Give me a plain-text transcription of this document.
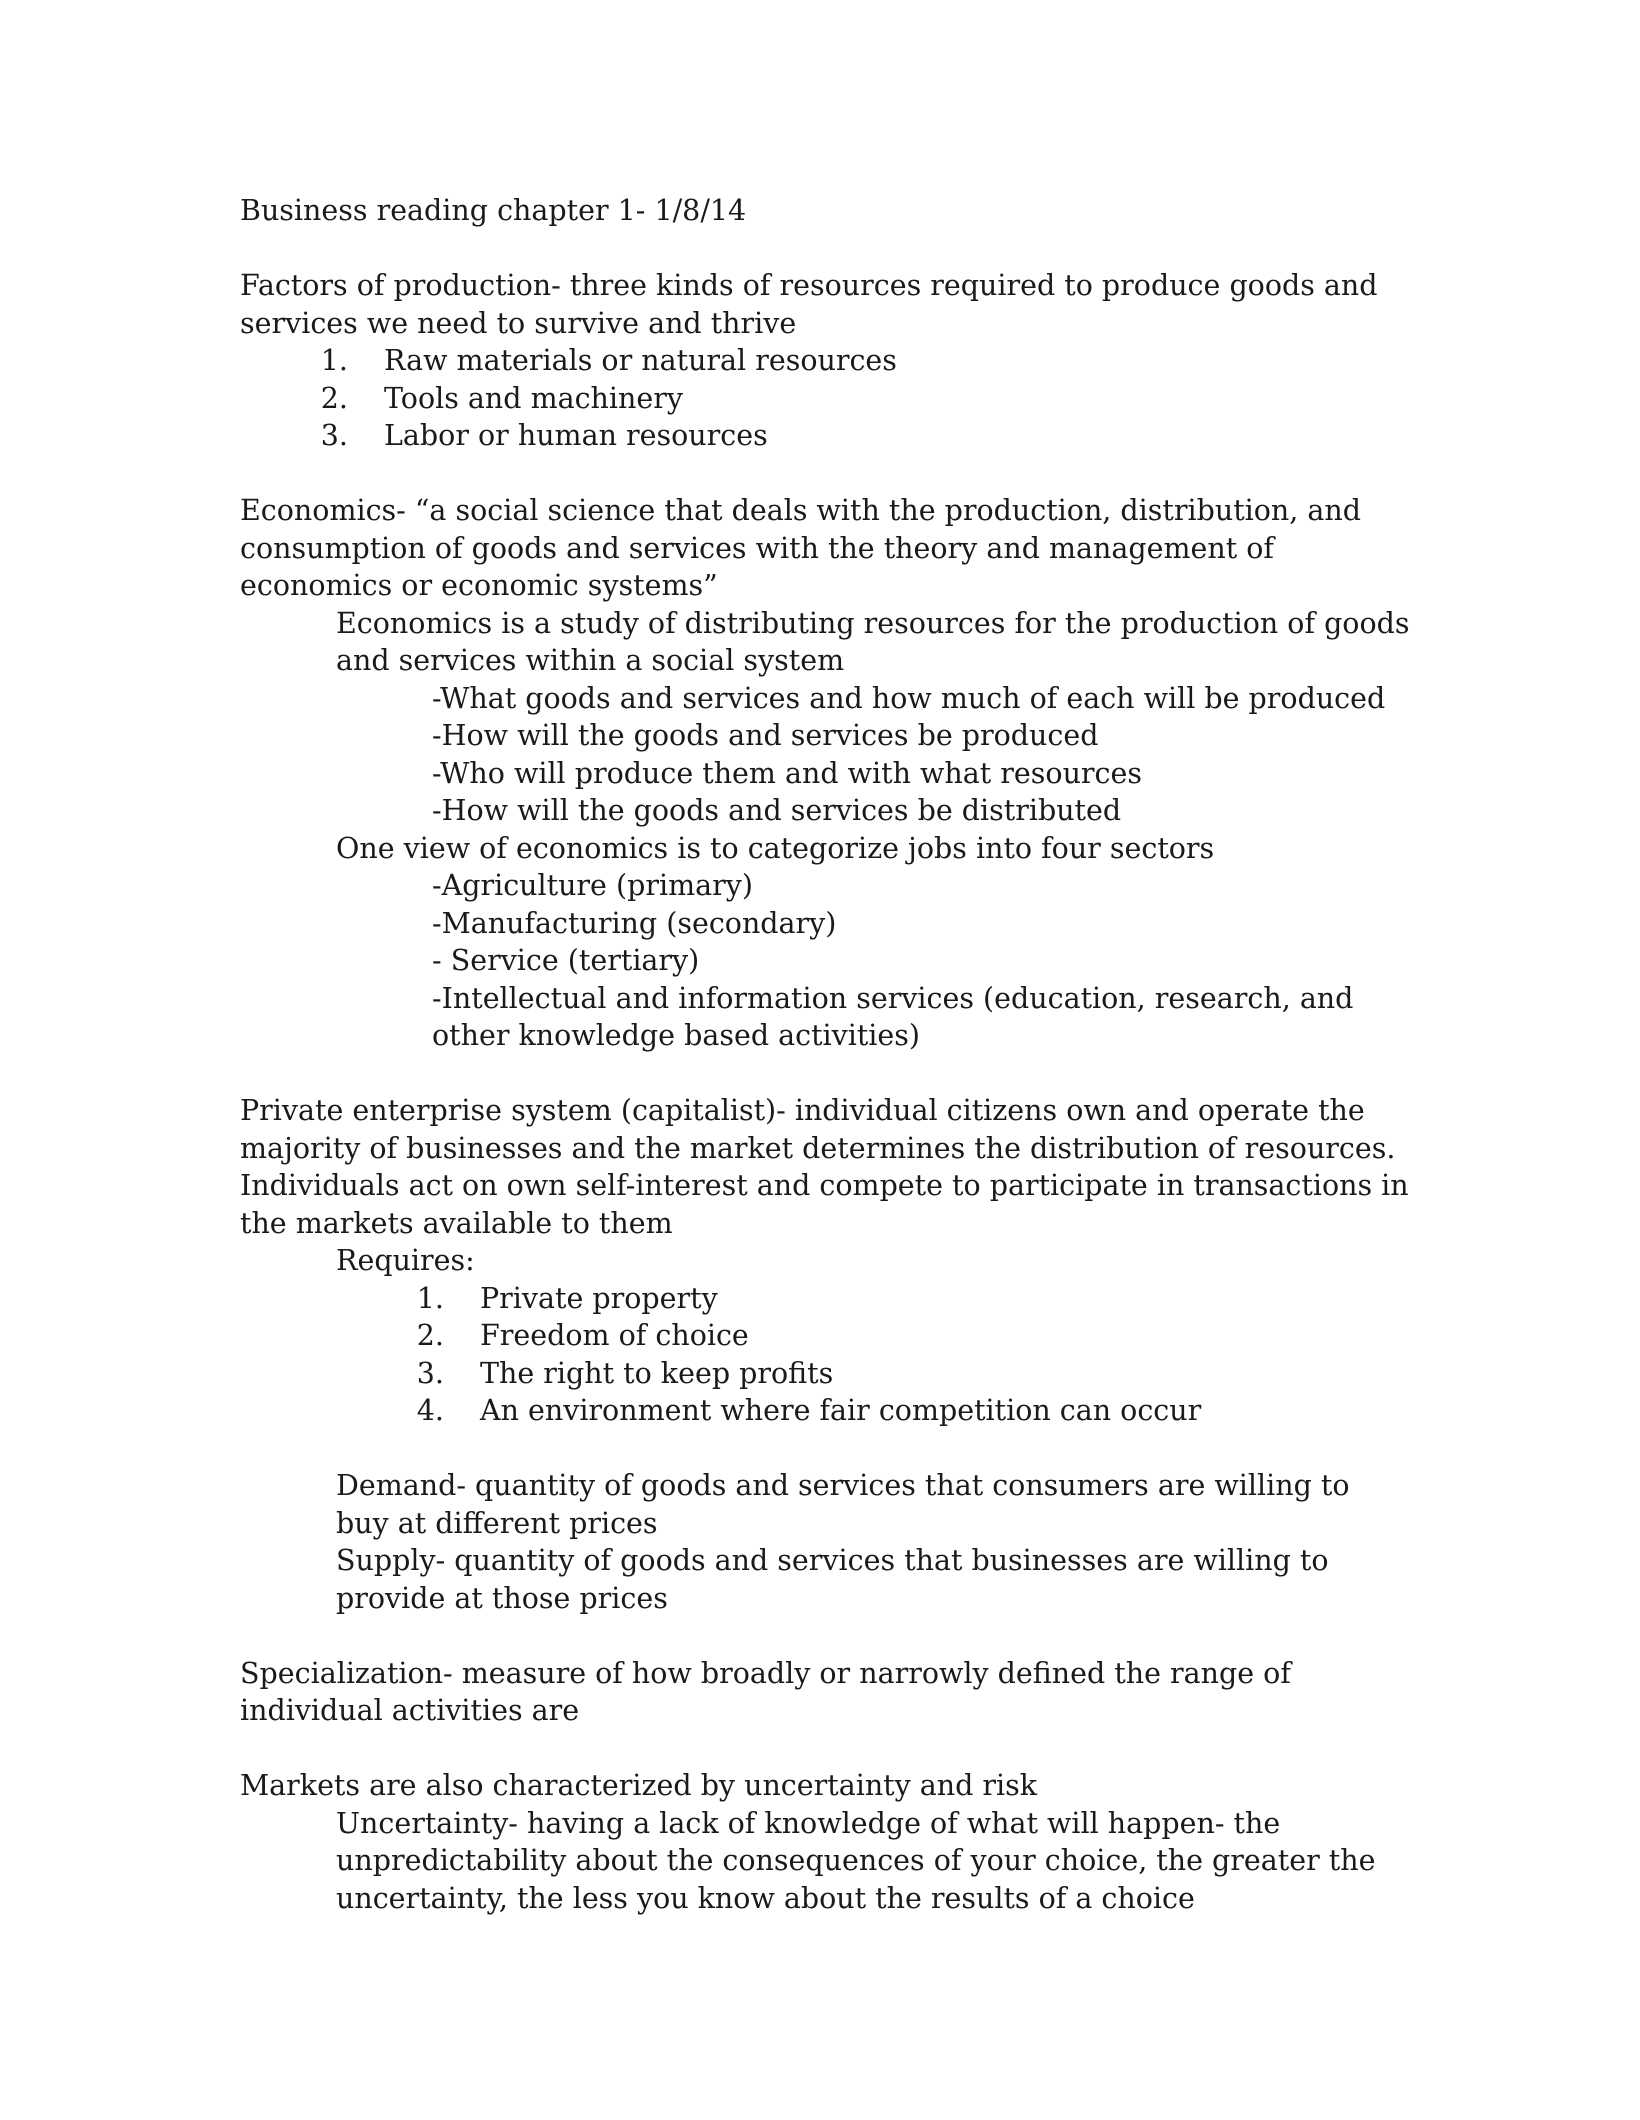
Business reading chapter 1- 1/8/14

Factors of production- three kinds of resources required to produce goods and services we need to survive and thrive

1. Raw materials or natural resources
2. Tools and machinery
3. Labor or human resources

Economics- “a social science that deals with the production, distribution, and consumption of goods and services with the theory and management of economics or economic systems”

Economics is a study of distributing resources for the production of goods and services within a social system

-What goods and services and how much of each will be produced

-How will the goods and services be produced

-Who will produce them and with what resources

-How will the goods and services be distributed

One view of economics is to categorize jobs into four sectors

-Agriculture (primary)

-Manufacturing (secondary)

- Service (tertiary)

-Intellectual and information services (education, research, and other knowledge based activities)

Private enterprise system (capitalist)- individual citizens own and operate the majority of businesses and the market determines the distribution of resources. Individuals act on own self-interest and compete to participate in transactions in the markets available to them

Requires:

1. Private property
2. Freedom of choice
3. The right to keep profits
4. An environment where fair competition can occur

Demand- quantity of goods and services that consumers are willing to buy at different prices

Supply- quantity of goods and services that businesses are willing to provide at those prices

Specialization- measure of how broadly or narrowly defined the range of individual activities are

Markets are also characterized by uncertainty and risk

Uncertainty- having a lack of knowledge of what will happen- the unpredictability about the consequences of your choice, the greater the uncertainty, the less you know about the results of a choice
